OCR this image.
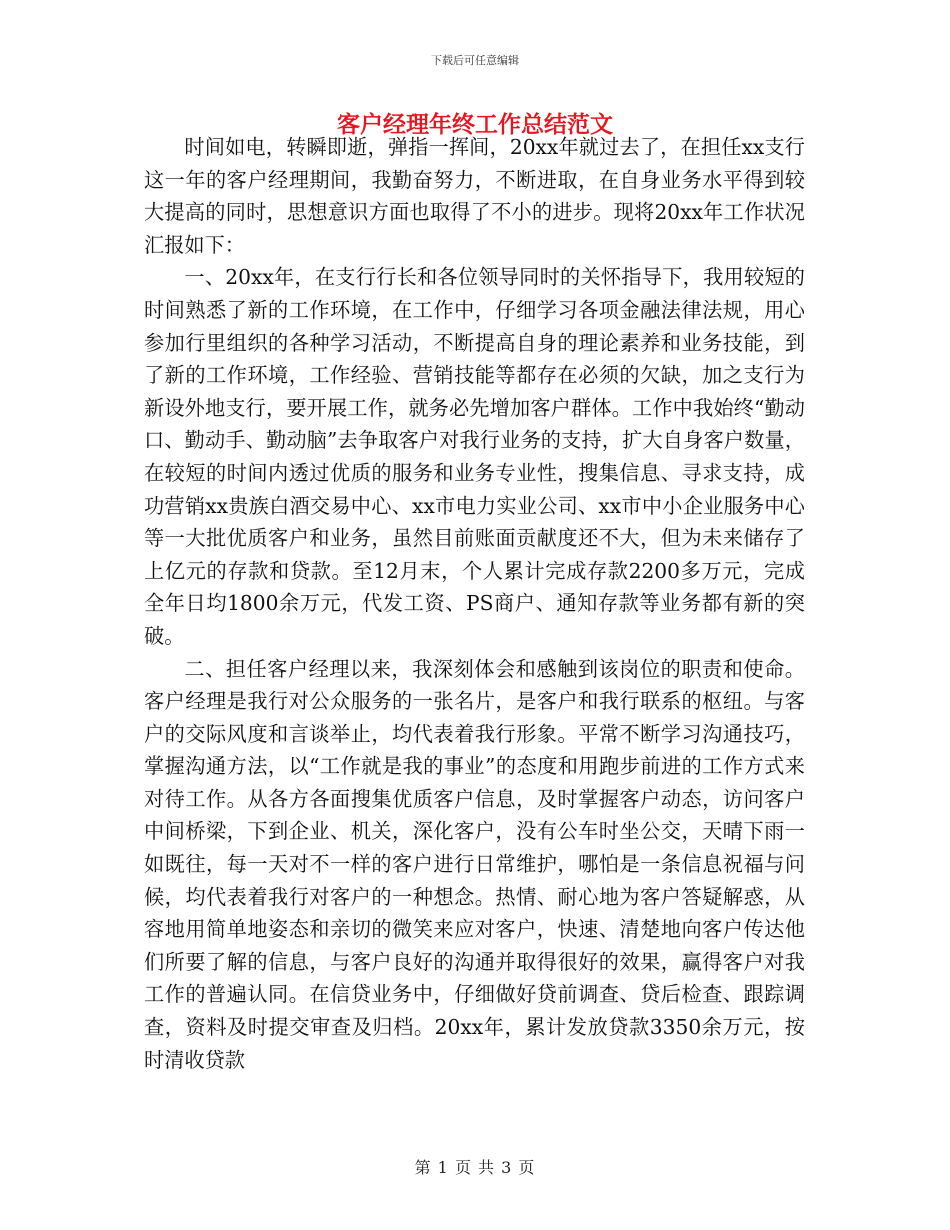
下载后可任意编辑
客户经理年终工作总结范文

时间如电，转瞬即逝，弹指一挥间，20xx年就过去了，在担任xx支行这一年的客户经理期间，我勤奋努力，不断进取，在自身业务水平得到较大提高的同时，思想意识方面也取得了不小的进步。现将20xx年工作状况汇报如下：

一、20xx年，在支行行长和各位领导同时的关怀指导下，我用较短的时间熟悉了新的工作环境，在工作中，仔细学习各项金融法律法规，用心参加行里组织的各种学习活动，不断提高自身的理论素养和业务技能，到了新的工作环境，工作经验、营销技能等都存在必须的欠缺，加之支行为新设外地支行，要开展工作，就务必先增加客户群体。工作中我始终“勤动口、勤动手、勤动脑”去争取客户对我行业务的支持，扩大自身客户数量，在较短的时间内透过优质的服务和业务专业性，搜集信息、寻求支持，成功营销xx贵族白酒交易中心、xx市电力实业公司、xx市中小企业服务中心等一大批优质客户和业务，虽然目前账面贡献度还不大，但为未来储存了上亿元的存款和贷款。至12月末，个人累计完成存款2200多万元，完成全年日均1800余万元，代发工资、PS商户、通知存款等业务都有新的突破。

二、担任客户经理以来，我深刻体会和感触到该岗位的职责和使命。客户经理是我行对公众服务的一张名片，是客户和我行联系的枢纽。与客户的交际风度和言谈举止，均代表着我行形象。平常不断学习沟通技巧，掌握沟通方法，以“工作就是我的事业”的态度和用跑步前进的工作方式来对待工作。从各方各面搜集优质客户信息，及时掌握客户动态，访问客户中间桥梁，下到企业、机关，深化客户，没有公车时坐公交，天晴下雨一如既往，每一天对不一样的客户进行日常维护，哪怕是一条信息祝福与问候，均代表着我行对客户的一种想念。热情、耐心地为客户答疑解惑，从容地用简单地姿态和亲切的微笑来应对客户，快速、清楚地向客户传达他们所要了解的信息，与客户良好的沟通并取得很好的效果，赢得客户对我工作的普遍认同。在信贷业务中，仔细做好贷前调查、贷后检查、跟踪调查，资料及时提交审查及归档。20xx年，累计发放贷款3350余万元，按时清收贷款

第 1 页 共 3 页
